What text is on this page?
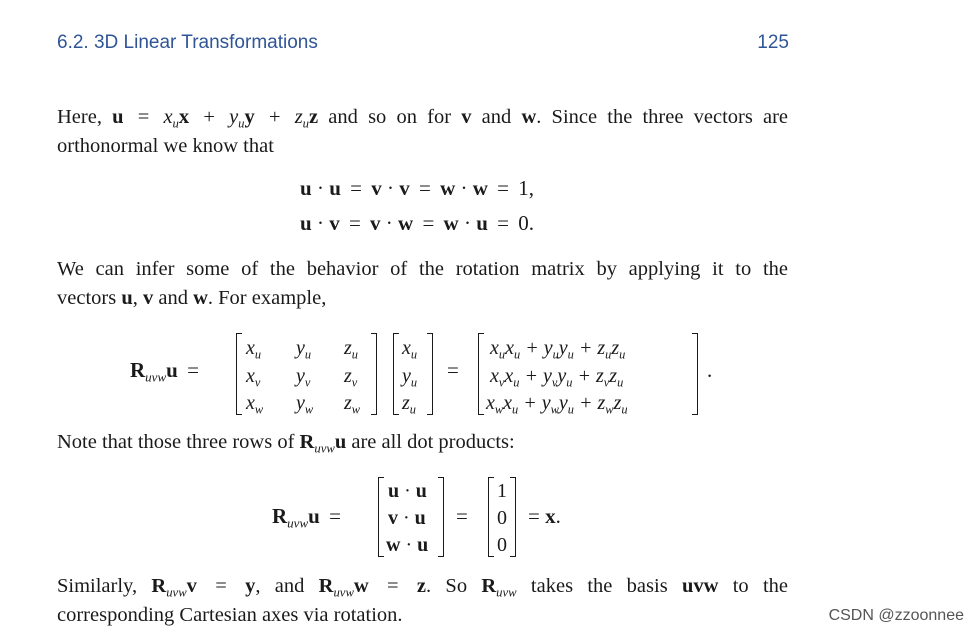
6.2. 3D Linear Transformations	125
Here, $u = x_ux + y_uy + z_uz$ and so on for v and w. Since the three vectors are
orthonormal we know that
u · u = v · v = w · w = 1,
u · v = v · w = w · u = 0.
We can infer some of the behavior of the rotation matrix by applying it to the
vectors u, v and w. For example,
$R_{uvw}u$ =
$x_u$ $y_u$ $z_u$
$x_v$ $y_v$ $z_v$
$x_w$ $y_w$ $z_w$
$x_u$
$y_u$
$z_u$
=
$x_ux_u + y_uy_u + z_uz_u$
$x_vx_u + y_vy_u + z_vz_u$
$x_wx_u + y_wy_u + z_wz_u$
.
Note that those three rows of $R_{uvw}u$ are all dot products:
$R_{uvw}u$ =
u · u
v · u
w · u
=
1
0
0
= x.
Similarly, $R_{uvw}v = y$, and $R_{uvw}w = z$. So $R_{uvw}$ takes the basis uvw to the
corresponding Cartesian axes via rotation.	CSDN @zzoonnee
